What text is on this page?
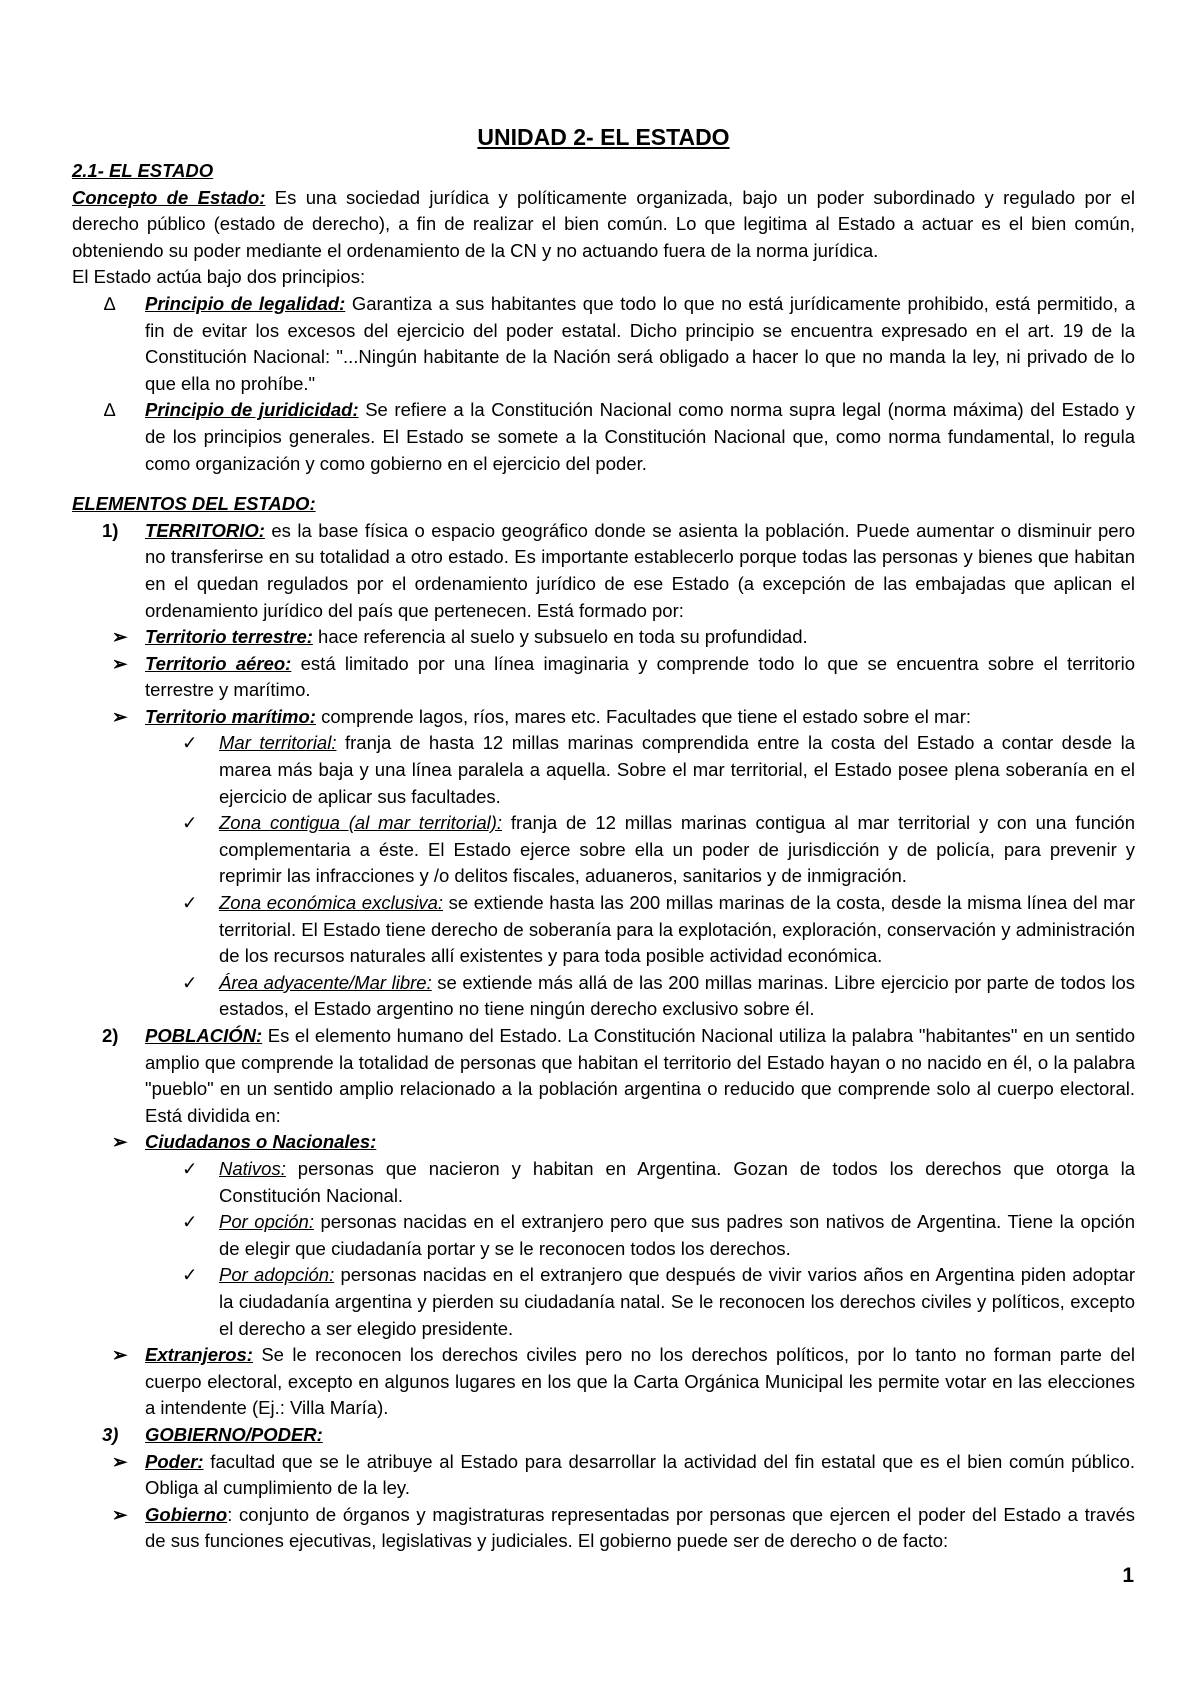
UNIDAD 2- EL ESTADO

2.1- EL ESTADO

Concepto de Estado: Es una sociedad jurídica y políticamente organizada, bajo un poder subordinado y regulado por el derecho público (estado de derecho), a fin de realizar el bien común. Lo que legitima al Estado a actuar es el bien común, obteniendo su poder mediante el ordenamiento de la CN y no actuando fuera de la norma jurídica.

El Estado actúa bajo dos principios:

∆ Principio de legalidad: Garantiza a sus habitantes que todo lo que no está jurídicamente prohibido, está permitido, a fin de evitar los excesos del ejercicio del poder estatal. Dicho principio se encuentra expresado en el art. 19 de la Constitución Nacional: "...Ningún habitante de la Nación será obligado a hacer lo que no manda la ley, ni privado de lo que ella no prohíbe."
∆ Principio de juridicidad: Se refiere a la Constitución Nacional como norma supra legal (norma máxima) del Estado y de los principios generales. El Estado se somete a la Constitución Nacional que, como norma fundamental, lo regula como organización y como gobierno en el ejercicio del poder.

ELEMENTOS DEL ESTADO:

1) TERRITORIO: es la base física o espacio geográfico donde se asienta la población. Puede aumentar o disminuir pero no transferirse en su totalidad a otro estado. Es importante establecerlo porque todas las personas y bienes que habitan en el quedan regulados por el ordenamiento jurídico de ese Estado (a excepción de las embajadas que aplican el ordenamiento jurídico del país que pertenecen. Está formado por:
➢ Territorio terrestre: hace referencia al suelo y subsuelo en toda su profundidad.
➢ Territorio aéreo: está limitado por una línea imaginaria y comprende todo lo que se encuentra sobre el territorio terrestre y marítimo.
➢ Territorio marítimo: comprende lagos, ríos, mares etc. Facultades que tiene el estado sobre el mar:
✓ Mar territorial: franja de hasta 12 millas marinas comprendida entre la costa del Estado a contar desde la marea más baja y una línea paralela a aquella. Sobre el mar territorial, el Estado posee plena soberanía en el ejercicio de aplicar sus facultades.
✓ Zona contigua (al mar territorial): franja de 12 millas marinas contigua al mar territorial y con una función complementaria a éste. El Estado ejerce sobre ella un poder de jurisdicción y de policía, para prevenir y reprimir las infracciones y /o delitos fiscales, aduaneros, sanitarios y de inmigración.
✓ Zona económica exclusiva: se extiende hasta las 200 millas marinas de la costa, desde la misma línea del mar territorial. El Estado tiene derecho de soberanía para la explotación, exploración, conservación y administración de los recursos naturales allí existentes y para toda posible actividad económica.
✓ Área adyacente/Mar libre: se extiende más allá de las 200 millas marinas. Libre ejercicio por parte de todos los estados, el Estado argentino no tiene ningún derecho exclusivo sobre él.
2) POBLACIÓN: Es el elemento humano del Estado. La Constitución Nacional utiliza la palabra "habitantes" en un sentido amplio que comprende la totalidad de personas que habitan el territorio del Estado hayan o no nacido en él, o la palabra "pueblo" en un sentido amplio relacionado a la población argentina o reducido que comprende solo al cuerpo electoral. Está dividida en:
➢ Ciudadanos o Nacionales:
✓ Nativos: personas que nacieron y habitan en Argentina. Gozan de todos los derechos que otorga la Constitución Nacional.
✓ Por opción: personas nacidas en el extranjero pero que sus padres son nativos de Argentina. Tiene la opción de elegir que ciudadanía portar y se le reconocen todos los derechos.
✓ Por adopción: personas nacidas en el extranjero que después de vivir varios años en Argentina piden adoptar la ciudadanía argentina y pierden su ciudadanía natal. Se le reconocen los derechos civiles y políticos, excepto el derecho a ser elegido presidente.
➢ Extranjeros: Se le reconocen los derechos civiles pero no los derechos políticos, por lo tanto no forman parte del cuerpo electoral, excepto en algunos lugares en los que la Carta Orgánica Municipal les permite votar en las elecciones a intendente (Ej.: Villa María).
3) GOBIERNO/PODER:
➢ Poder: facultad que se le atribuye al Estado para desarrollar la actividad del fin estatal que es el bien común público. Obliga al cumplimiento de la ley.
➢ Gobierno: conjunto de órganos y magistraturas representadas por personas que ejercen el poder del Estado a través de sus funciones ejecutivas, legislativas y judiciales. El gobierno puede ser de derecho o de facto:
1
